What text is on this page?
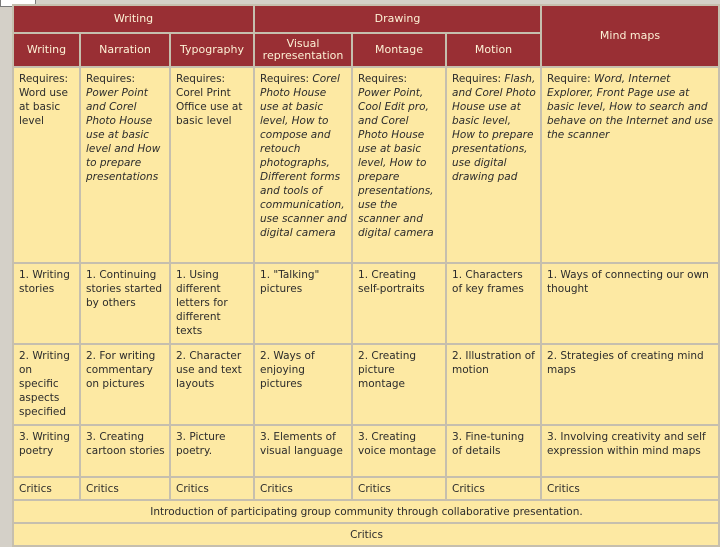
Writing			Drawing			Mind maps
Writing	Narration	Typography	Visual representation	Montage	Motion	
Requires: Word use at basic level	Requires: Power Point and Corel Photo House use at basic level and How to prepare presentations	Requires: Corel Print Office use at basic level	Requires: Corel Photo House use at basic level, How to compose and retouch photographs, Different forms and tools of communication, use scanner and digital camera	Requires: Power Point, Cool Edit pro, and Corel Photo House use at basic level, How to prepare presentations, use the scanner and digital camera	Requires: Flash, and Corel Photo House use at basic level, How to prepare presentations, use digital drawing pad	Require: Word, Internet Explorer, Front Page use at basic level, How to search and behave on the Internet and use the scanner
1. Writing stories	1. Continuing stories started by others	1. Using different letters for different texts	1. "Talking" pictures	1. Creating self-portraits	1. Characters of key frames	1. Ways of connecting our own thought
2. Writing on specific aspects specified	2. For writing commentary on pictures	2. Character use and text layouts	2. Ways of enjoying pictures	2. Creating picture montage	2. Illustration of motion	2. Strategies of creating mind maps
3. Writing poetry	3. Creating cartoon stories	3. Picture poetry.	3. Elements of visual language	3. Creating voice montage	3. Fine-tuning of details	3. Involving creativity and self expression within mind maps
Critics	Critics	Critics	Critics	Critics	Critics	Critics
Introduction of participating group community through collaborative presentation.						
Critics						
